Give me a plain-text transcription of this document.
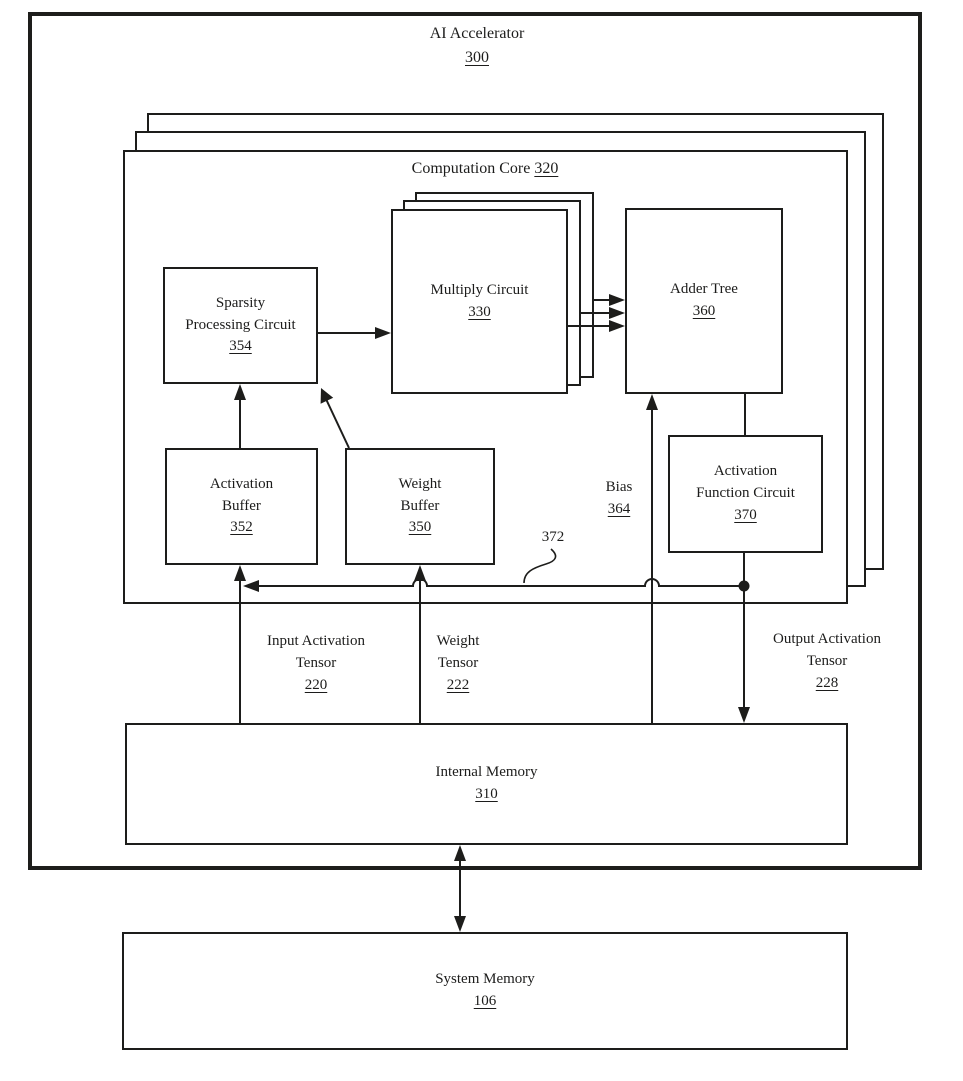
AI Accelerator
300
Computation Core 320
Multiply Circuit
330
Adder Tree
360
Sparsity
Processing Circuit
354
Activation
Buffer
352
Weight
Buffer
350
Activation
Function Circuit
370
Bias
364
372
Input Activation
Tensor
220
Weight
Tensor
222
Output Activation
Tensor
228
Internal Memory
310
System Memory
106
